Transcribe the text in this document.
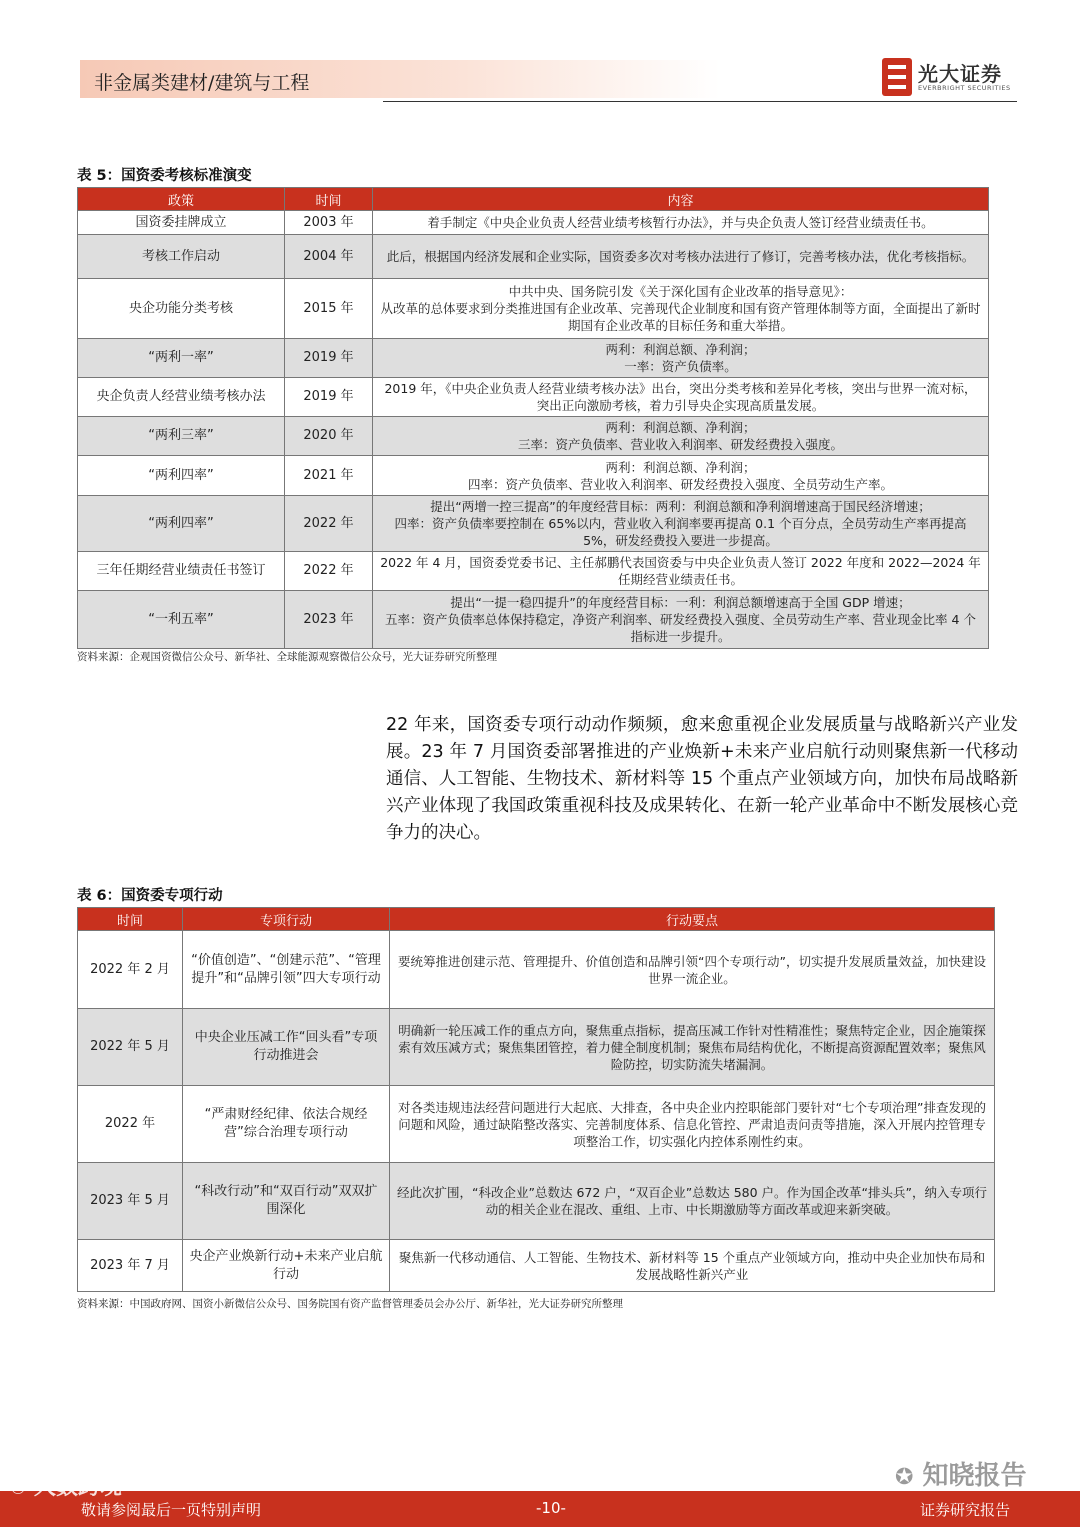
非金属类建材/建筑与工程	光大证券
EVERBRIGHT SECURITIES
表 5：国资委考核标准演变
政策	时间	内容
国资委挂牌成立	2003 年	着手制定《中央企业负责人经营业绩考核暂行办法》，并与央企负责人签订经营业绩责任书。
考核工作启动	2004 年	此后，根据国内经济发展和企业实际，国资委多次对考核办法进行了修订，完善考核办法，优化考核指标。
央企功能分类考核	2015 年	中共中央、国务院引发《关于深化国有企业改革的指导意见》：
从改革的总体要求到分类推进国有企业改革、完善现代企业制度和国有资产管理体制等方面，全面提出了新时期国有企业改革的目标任务和重大举措。
“两利一率”	2019 年	两利：利润总额、净利润；
一率：资产负债率。
央企负责人经营业绩考核办法	2019 年	2019 年，《中央企业负责人经营业绩考核办法》出台，突出分类考核和差异化考核，突出与世界一流对标，突出正向激励考核，着力引导央企实现高质量发展。
“两利三率”	2020 年	两利：利润总额、净利润；
三率：资产负债率、营业收入利润率、研发经费投入强度。
“两利四率”	2021 年	两利：利润总额、净利润；
四率：资产负债率、营业收入利润率、研发经费投入强度、全员劳动生产率。
“两利四率”	2022 年	提出“两增一控三提高”的年度经营目标：两利：利润总额和净利润增速高于国民经济增速；
四率：资产负债率要控制在 65%以内，营业收入利润率要再提高 0.1 个百分点，全员劳动生产率再提高 5%，研发经费投入要进一步提高。
三年任期经营业绩责任书签订	2022 年	2022 年 4 月，国资委党委书记、主任郝鹏代表国资委与中央企业负责人签订 2022 年度和 2022—2024 年任期经营业绩责任书。
“一利五率”	2023 年	提出“一提一稳四提升”的年度经营目标：一利：利润总额增速高于全国 GDP 增速；
五率：资产负债率总体保持稳定，净资产利润率、研发经费投入强度、全员劳动生产率、营业现金比率 4 个指标进一步提升。
资料来源：企观国资微信公众号、新华社、全球能源观察微信公众号，光大证券研究所整理
22 年来，国资委专项行动动作频频，愈来愈重视企业发展质量与战略新兴产业发展。23 年 7 月国资委部署推进的产业焕新+未来产业启航行动则聚焦新一代移动通信、人工智能、生物技术、新材料等 15 个重点产业领域方向，加快布局战略新兴产业体现了我国政策重视科技及成果转化、在新一轮产业革命中不断发展核心竞争力的决心。
表 6：国资委专项行动
时间	专项行动	行动要点
2022 年 2 月	“价值创造”、“创建示范”、“管理提升”和“品牌引领”四大专项行动	要统筹推进创建示范、管理提升、价值创造和品牌引领“四个专项行动”，切实提升发展质量效益，加快建设世界一流企业。
2022 年 5 月	中央企业压减工作“回头看”专项行动推进会	明确新一轮压减工作的重点方向，聚焦重点指标，提高压减工作针对性精准性；聚焦特定企业，因企施策探索有效压减方式；聚焦集团管控，着力健全制度机制；聚焦布局结构优化，不断提高资源配置效率；聚焦风险防控，切实防流失堵漏洞。
2022 年	“严肃财经纪律、依法合规经营”综合治理专项行动	对各类违规违法经营问题进行大起底、大排查，各中央企业内控职能部门要针对“七个专项治理”排查发现的问题和风险，通过缺陷整改落实、完善制度体系、信息化管控、严肃追责问责等措施，深入开展内控管理专项整治工作，切实强化内控体系刚性约束。
2023 年 5 月	“科改行动”和“双百行动”双双扩围深化	经此次扩围，“科改企业”总数达 672 户，“双百企业”总数达 580 户。作为国企改革“排头兵”，纳入专项行动的相关企业在混改、重组、上市、中长期激励等方面改革或迎来新突破。
2023 年 7 月	央企产业焕新行动+未来产业启航行动	聚焦新一代移动通信、人工智能、生物技术、新材料等 15 个重点产业领域方向，推动中央企业加快布局和发展战略性新兴产业
资料来源：中国政府网、国资小新微信公众号、国务院国有资产监督管理委员会办公厅、新华社，光大证券研究所整理
✪ 知晓报告
敬请参阅最后一页特别声明	-10-	证券研究报告
⚇ 大数跨境
